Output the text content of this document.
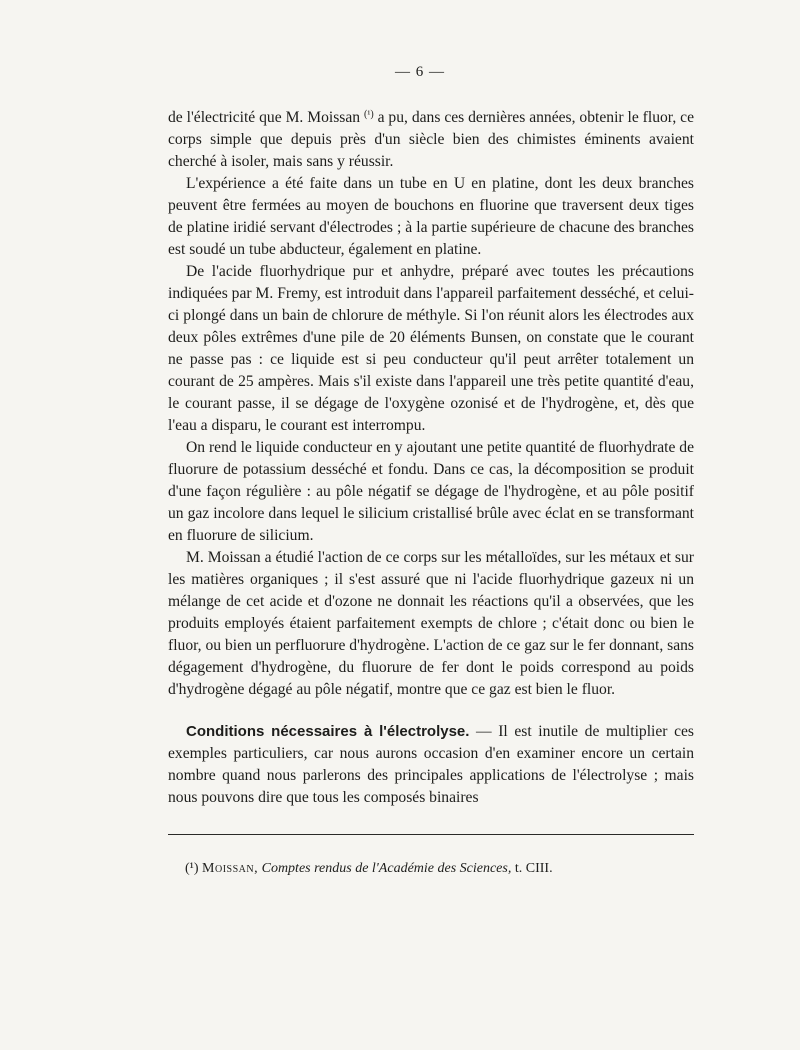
— 6 —

de l'électricité que M. Moissan $^{(^1)}$ a pu, dans ces dernières années, obtenir le fluor, ce corps simple que depuis près d'un siècle bien des chimistes éminents avaient cherché à isoler, mais sans y réussir.

L'expérience a été faite dans un tube en U en platine, dont les deux branches peuvent être fermées au moyen de bouchons en fluorine que traversent deux tiges de platine iridié servant d'électrodes ; à la partie supérieure de chacune des branches est soudé un tube abducteur, également en platine.

De l'acide fluorhydrique pur et anhydre, préparé avec toutes les précautions indiquées par M. Fremy, est introduit dans l'appareil parfaitement desséché, et celui-ci plongé dans un bain de chlorure de méthyle. Si l'on réunit alors les électrodes aux deux pôles extrêmes d'une pile de 20 éléments Bunsen, on constate que le courant ne passe pas : ce liquide est si peu conducteur qu'il peut arrêter totalement un courant de 25 ampères. Mais s'il existe dans l'appareil une très petite quantité d'eau, le courant passe, il se dégage de l'oxygène ozonisé et de l'hydrogène, et, dès que l'eau a disparu, le courant est interrompu.

On rend le liquide conducteur en y ajoutant une petite quantité de fluorhydrate de fluorure de potassium desséché et fondu. Dans ce cas, la décomposition se produit d'une façon régulière : au pôle négatif se dégage de l'hydrogène, et au pôle positif un gaz incolore dans lequel le silicium cristallisé brûle avec éclat en se transformant en fluorure de silicium.

M. Moissan a étudié l'action de ce corps sur les métalloïdes, sur les métaux et sur les matières organiques ; il s'est assuré que ni l'acide fluorhydrique gazeux ni un mélange de cet acide et d'ozone ne donnait les réactions qu'il a observées, que les produits employés étaient parfaitement exempts de chlore ; c'était donc ou bien le fluor, ou bien un perfluorure d'hydrogène. L'action de ce gaz sur le fer donnant, sans dégagement d'hydrogène, du fluorure de fer dont le poids correspond au poids d'hydrogène dégagé au pôle négatif, montre que ce gaz est bien le fluor.

Conditions nécessaires à l'électrolyse. — Il est inutile de multiplier ces exemples particuliers, car nous aurons occasion d'en examiner encore un certain nombre quand nous parlerons des principales applications de l'électrolyse ; mais nous pouvons dire que tous les composés binaires

(¹) Moissan, Comptes rendus de l'Académie des Sciences, t. CIII.
